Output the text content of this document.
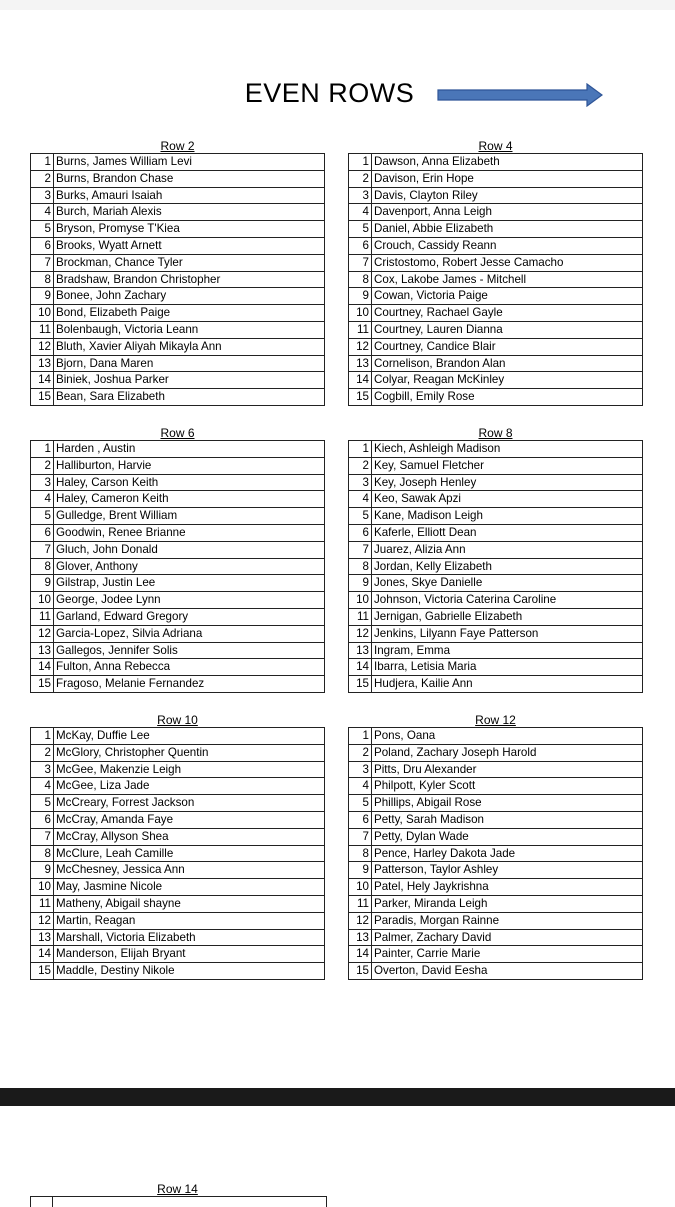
EVEN ROWS
Row 2
1	Burns, James William Levi
2	Burns, Brandon Chase
3	Burks, Amauri Isaiah
4	Burch, Mariah Alexis
5	Bryson, Promyse T'Kiea
6	Brooks, Wyatt Arnett
7	Brockman, Chance Tyler
8	Bradshaw, Brandon Christopher
9	Bonee, John Zachary
10	Bond, Elizabeth Paige
11	Bolenbaugh, Victoria Leann
12	Bluth, Xavier Aliyah Mikayla Ann
13	Bjorn, Dana Maren
14	Biniek, Joshua Parker
15	Bean, Sara Elizabeth
Row 4
1	Dawson, Anna Elizabeth
2	Davison, Erin Hope
3	Davis, Clayton Riley
4	Davenport, Anna Leigh
5	Daniel, Abbie Elizabeth
6	Crouch, Cassidy Reann
7	Cristostomo, Robert Jesse Camacho
8	Cox, Lakobe James - Mitchell
9	Cowan, Victoria Paige
10	Courtney, Rachael Gayle
11	Courtney, Lauren Dianna
12	Courtney, Candice Blair
13	Cornelison, Brandon Alan
14	Colyar, Reagan McKinley
15	Cogbill, Emily Rose
Row 6
1	Harden , Austin
2	Halliburton, Harvie
3	Haley, Carson Keith
4	Haley, Cameron Keith
5	Gulledge, Brent William
6	Goodwin, Renee Brianne
7	Gluch, John Donald
8	Glover, Anthony
9	Gilstrap, Justin Lee
10	George, Jodee Lynn
11	Garland, Edward Gregory
12	Garcia-Lopez, Silvia Adriana
13	Gallegos, Jennifer Solis
14	Fulton, Anna Rebecca
15	Fragoso, Melanie Fernandez
Row 8
1	Kiech, Ashleigh Madison
2	Key, Samuel Fletcher
3	Key, Joseph Henley
4	Keo, Sawak Apzi
5	Kane, Madison Leigh
6	Kaferle, Elliott Dean
7	Juarez, Alizia Ann
8	Jordan, Kelly Elizabeth
9	Jones, Skye Danielle
10	Johnson, Victoria Caterina Caroline
11	Jernigan, Gabrielle Elizabeth
12	Jenkins, Lilyann Faye Patterson
13	Ingram, Emma
14	Ibarra, Letisia Maria
15	Hudjera, Kailie Ann
Row 10
1	McKay, Duffie Lee
2	McGlory, Christopher Quentin
3	McGee, Makenzie Leigh
4	McGee, Liza Jade
5	McCreary, Forrest Jackson
6	McCray, Amanda Faye
7	McCray, Allyson Shea
8	McClure, Leah Camille
9	McChesney, Jessica Ann
10	May, Jasmine Nicole
11	Matheny, Abigail shayne
12	Martin, Reagan
13	Marshall, Victoria Elizabeth
14	Manderson, Elijah Bryant
15	Maddle, Destiny Nikole
Row 12
1	Pons, Oana
2	Poland, Zachary Joseph Harold
3	Pitts, Dru Alexander
4	Philpott, Kyler Scott
5	Phillips, Abigail Rose
6	Petty, Sarah Madison
7	Petty, Dylan Wade
8	Pence, Harley Dakota Jade
9	Patterson, Taylor Ashley
10	Patel, Hely Jaykrishna
11	Parker, Miranda Leigh
12	Paradis, Morgan Rainne
13	Palmer, Zachary David
14	Painter, Carrie Marie
15	Overton, David Eesha
Row 14
